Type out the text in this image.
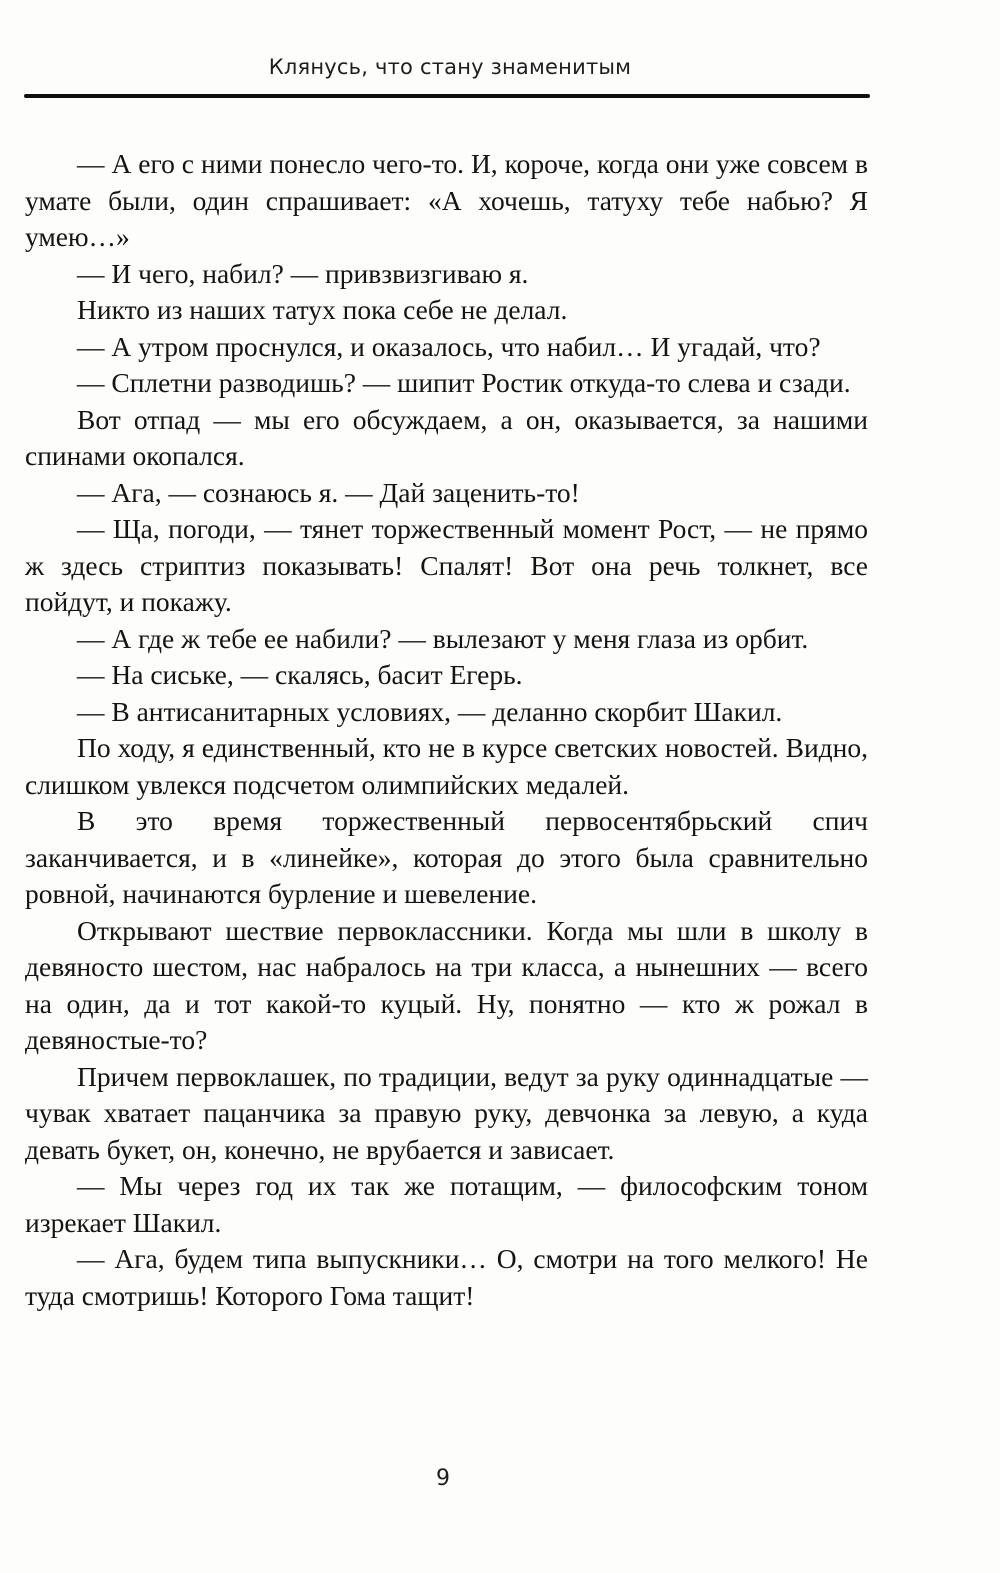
Клянусь, что стану знаменитым

— А его с ними понесло чего-то. И, короче, когда они уже совсем в умате были, один спрашивает: «А хочешь, татуху тебе набью? Я умею…»

— И чего, набил? — привзвизгиваю я.

Никто из наших татух пока себе не делал.

— А утром проснулся, и оказалось, что набил… И угадай, что?

— Сплетни разводишь? — шипит Ростик откуда-то слева и сзади.

Вот отпад — мы его обсуждаем, а он, оказывается, за нашими спинами окопался.

— Ага, — сознаюсь я. — Дай заценить-то!

— Ща, погоди, — тянет торжественный момент Рост, — не прямо ж здесь стриптиз показывать! Спалят! Вот она речь толкнет, все пойдут, и покажу.

— А где ж тебе ее набили? — вылезают у меня глаза из орбит.

— На сиське, — скалясь, басит Егерь.

— В антисанитарных условиях, — деланно скорбит Шакил.

По ходу, я единственный, кто не в курсе светских новостей. Видно, слишком увлекся подсчетом олимпийских медалей.

В это время торжественный первосентябрьский спич заканчивается, и в «линейке», которая до этого была сравнительно ровной, начинаются бурление и шевеление.

Открывают шествие первоклассники. Когда мы шли в школу в девяносто шестом, нас набралось на три класса, а нынешних — всего на один, да и тот какой-то куцый. Ну, понятно — кто ж рожал в девяностые-то?

Причем первоклашек, по традиции, ведут за руку одиннадцатые — чувак хватает пацанчика за правую руку, девчонка за левую, а куда девать букет, он, конечно, не врубается и зависает.

— Мы через год их так же потащим, — философским тоном изрекает Шакил.

— Ага, будем типа выпускники… О, смотри на того мелкого! Не туда смотришь! Которого Гома тащит!

9
